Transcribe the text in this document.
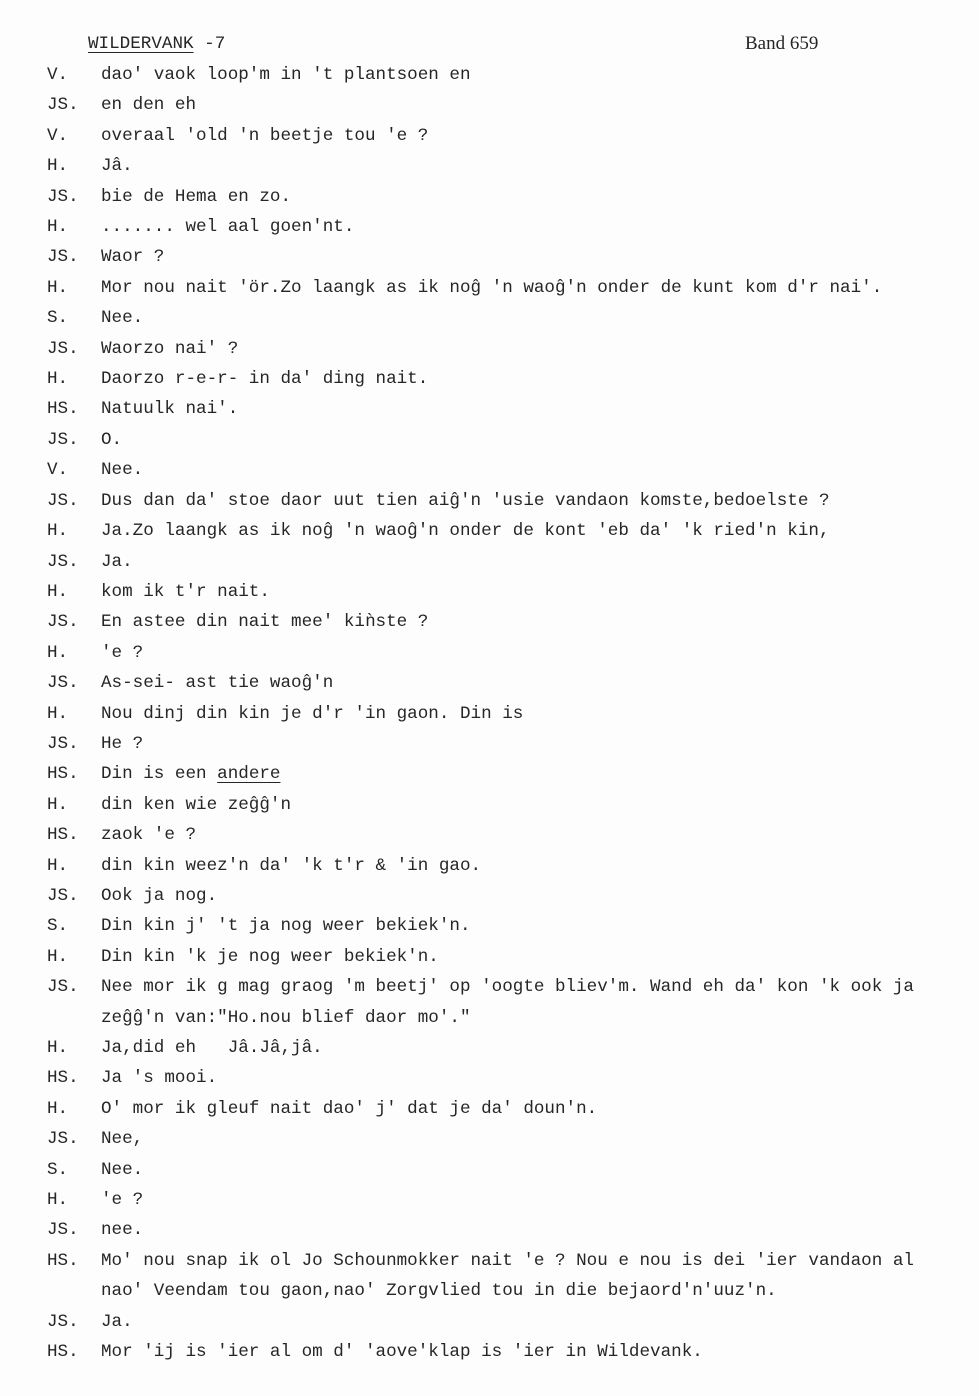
WILDERVANK -7	Band 659
V.	dao' vaok loop'm in 't plantsoen en
JS.	en den eh
V.	overaal 'old 'n beetje tou 'e ?
H.	Jâ.
JS.	bie de Hema en zo.
H.	....... wel aal goen'nt.
JS.	Waor ?
H.	Mor nou nait 'ör.Zo laangk as ik noĝ 'n waoĝ'n onder de kunt kom d'r nai'.
S.	Nee.
JS.	Waorzo nai' ?
H.	Daorzo r-e-r- in da' ding nait.
HS.	Natuulk nai'.
JS.	O.
V.	Nee.
JS.	Dus dan da' stoe daor uut tien aiĝ'n 'usie vandaon komste,bedoelste ?
H.	Ja.Zo laangk as ik noĝ 'n waoĝ'n onder de kont 'eb da' 'k ried'n kin,
JS.	Ja.
H.	kom ik t'r nait.
JS.	En astee din nait mee' kiǹste ?
H.	'e ?
JS.	As-sei- ast tie waoĝ'n
H.	Nou dinj din kin je d'r 'in gaon. Din is
JS.	He ?
HS.	Din is een andere
H.	din ken wie zeĝĝ'n
HS.	zaok 'e ?
H.	din kin weez'n da' 'k t'r & 'in gao.
JS.	Ook ja nog.
S.	Din kin j' 't ja nog weer bekiek'n.
H.	Din kin 'k je nog weer bekiek'n.
JS.	Nee mor ik g mag graog 'm beetj' op 'oogte bliev'm. Wand eh da' kon 'k ook ja
zeĝĝ'n van:"Ho.nou blief daor mo'."
H.	Ja,did eh   Jâ.Jâ,jâ.
HS.	Ja 's mooi.
H.	O' mor ik gleuf nait dao' j' dat je da' doun'n.
JS.	Nee,
S.	Nee.
H.	'e ?
JS.	nee.
HS.	Mo' nou snap ik ol Jo Schounmokker nait 'e ? Nou e nou is dei 'ier vandaon al
nao' Veendam tou gaon,nao' Zorgvlied tou in die bejaord'n'uuz'n.
JS.	Ja.
HS.	Mor 'ij is 'ier al om d' 'aove'klap is 'ier in Wildevank.
